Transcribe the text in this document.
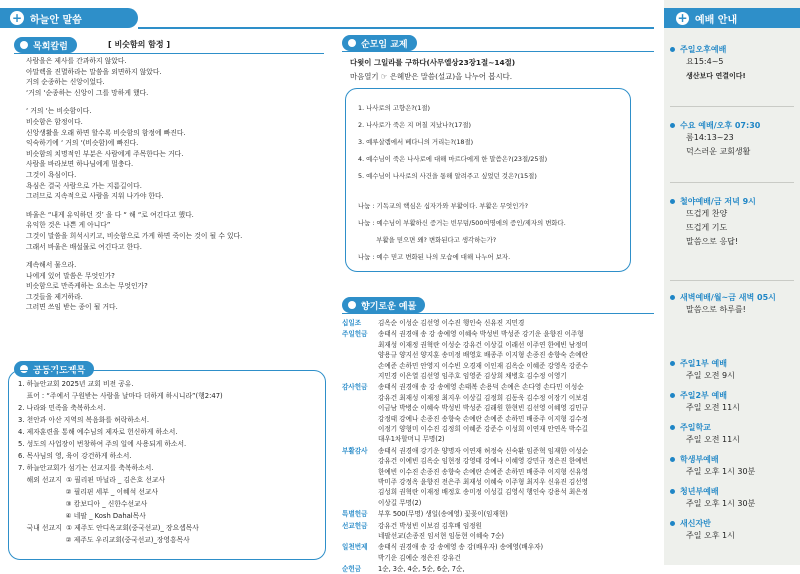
+ 하늘안 말씀
목회칼럼	[ 비숫함의 함정 ]
사람을은 제사를 간과하지 않았다.
아말렉을 진멸하라는 말씀을 외면하지 않았다.
거의 순종하는 신앙이었다.
‘거의 ‘순종하는 신앙이 그를 망하게 했다.
‘ 거의 ‘는 비슷함이다.
비슷함은 함정이다.
신앙생활을 오래 하면 할수록 비슷함의 함정에 빠진다.
익숙하기에 ‘ 거의 ‘(비슷함)에 빠진다.
비슷함의 치명적인 부분은 사람에게 주목한다는 거다.
사람을 바라보면 하나님에게 멀충다.
그것이 욕심이다.
욕심은 결국 사람으로 가는 지름길이다.
그러므로 지속적으로 사람을 지워 나가야 한다.
바울은 “내게 유익하던 것’ 을 다 “ 해 “로 여긴다고 했다.
유익한 것은 나쁜 게 아니다”
그것이 말씀을 희석시키고, 비슷함으로 가게 하면 죽이는 것이 될 수 있다.
그래서 바울은 배설물로 여긴다고 한다.
계속해서 물으라.
나에게 있어 말씀은 무엇인가?
비슷함으로 만족케하는 요소는 무엇인가?
그것들을 제거하라.
그러면 쓰임 받는 종이 될 거다.
공동기도제목
1. 하늘안교회 2025년 교회 비전 공유.
표어 : “주예서 구원받는 사람을 날마다 더하게 하시니라”(행2:47)
2. 나라와 민족을 축복하소서.
3. 천안과 아산 지역의 복음화를 허락하소서.
4. 제자훈련을 통해 예수님의 제자로 헌신하게 하소서.
5. 성도의 사업장이 번창하여 주의 일에 사용되게 하소서.
6. 목사님의 영, 육이 강건하게 하소서.
7. 하늘안교회가 섬기는 선교지를 축복하소서.
해외 선교지  ① 필리핀 마닐라 _ 김은호 선교사
② 필리핀 세부 _ 이혜석 선교사
③ 캄보디아 _ 신한수선교사
④ 네팔 _ Kosh Dahal목사
국내 선교지  ① 제주도 안디옥교회(중국선교)_ 장요셉목사
② 제주도 우리교회(중국선교)_장영흥목사
순모임 교제
다윗이 그일라를 구하다(사무엘상23장1절~14절)
마음열기 ☞ 은혜받은 말씀(설교)을 나누어 봅시다.
1. 나사로의 고향은?(1절)
2. 나사로가 죽은 지 며칠 지났나?(17절)
3. 예루살렘에서 베다니의 거리는?(18절)
4. 예수님이 죽은 나사로에 대해 마르다에게 한 말씀은?(23절/25절)
5. 예수님이 나사로의 사건을 통해 알려주고 싶었던 것은?(15절)
나눔 : 기독교의 핵심은 십자가와 부활이다. 부활은 무엇인가?
나눔 : 예수님이 부활하신 증거는 빈무덤/500여명에의 증인/제자의 변화다.
부활을 믿으면 왜? 변화된다고 생각하는가?
나눔 : 예수 믿고 변화된 나의 모습에 대해 나누어 보자.
향기로운 예물
십일조	김옥순 이성순 김선영 이수진 행인숙 신유진 지민경
주일헌금 송태식 권경애 송 강 송예영 이혜숙 박성빈 박성준 강기운 윤향진 이주형
최재성 이재정 권혁란 이성순 강유건 이상길 이래선 이주연 한예빈 남정미
양용규 양지선 양지훈 송미정 배영호 배종주 이지형 손종진 송향숙 손예란
손예준 손하민 안영지 이수빈 오경재 이인재 김옥순 이혜준 강영옥 강준수
지민경 이은열 김선영 임주호 임영준 김상희 채병호 김수정 이영기
감사헌금 송태식 권경애 송 강 송예영 손태복 손용덕 손예은 손다영 손다민 이성순
강유건 최재성 이재정 최지우 이상길 김정희 김동욱 김수정 이장기 이보검
이금남 박병순 이혜숙 박성빈 박성준 김래원 한현빈 김선영 이혜영 김민규
강정태 강예나 손종진 송향숙 손예란 손예준 손하민 배종주 이지형 김수정
이정기 양형미 이수진 김정희 이혜준 강준수 이성희 이연재 안연옥 박수길
대우1차할머니 무명(2)
부활감사 송태식 권경애 강기운 양명자 이연재 허정숙 신숙환 임준혁 임재한 이성순
강유건 이예빈 김옥순 임현정 강영태 강예나 이혜영 강민규 정은진 한예빈
한예빈 이수진 손종진 송향숙 손예란 손예준 손하민 배종주 이지형 신유영
박미주 강정옥 윤향진 전은주 최재성 이혜숙 이주형 최지우 신유진 김선영
김성희 권혁란 이재정 배정호 송미정 이성길 김영식 행인숙 강용석 최은정
이상길 무명(2)
특별헌금 부후 500(무명) 생일(송예영) 꽃꽂이(임재현)
선교헌금 강유건 박성빈 이보검 김후배 임정원
네팔선교(손종진 임서현 임동현 이혜숙 7순)
일천번제 송태식 권경애 송 강 송예영 송 강(배우자) 송예영(배우자)
박기운 김예순 정은진 강유건
순헌금	1순, 3순, 4순, 5순, 6순, 7순,
+ 예배 안내
주일오후예배
요15:4~5
생산보다 연결이다!
수요 예배/오후 07:30
롬14:13~23
덕스러운 교회생활
철야예배/금 저녁 9시
뜨겁게 찬양
뜨겁게 기도
말씀으로 응답!
새벽예배/월~금 새벽 05시
말씀으로 하루를!
주일1부 예배
주일 오전 9시
주일2부 예배
주일 오전 11시
주일학교
주일 오전 11시
학생부예배
주일 오후 1시 30분
청년부예배
주일 오후 1시 30분
새신자반
주일 오후 1시
